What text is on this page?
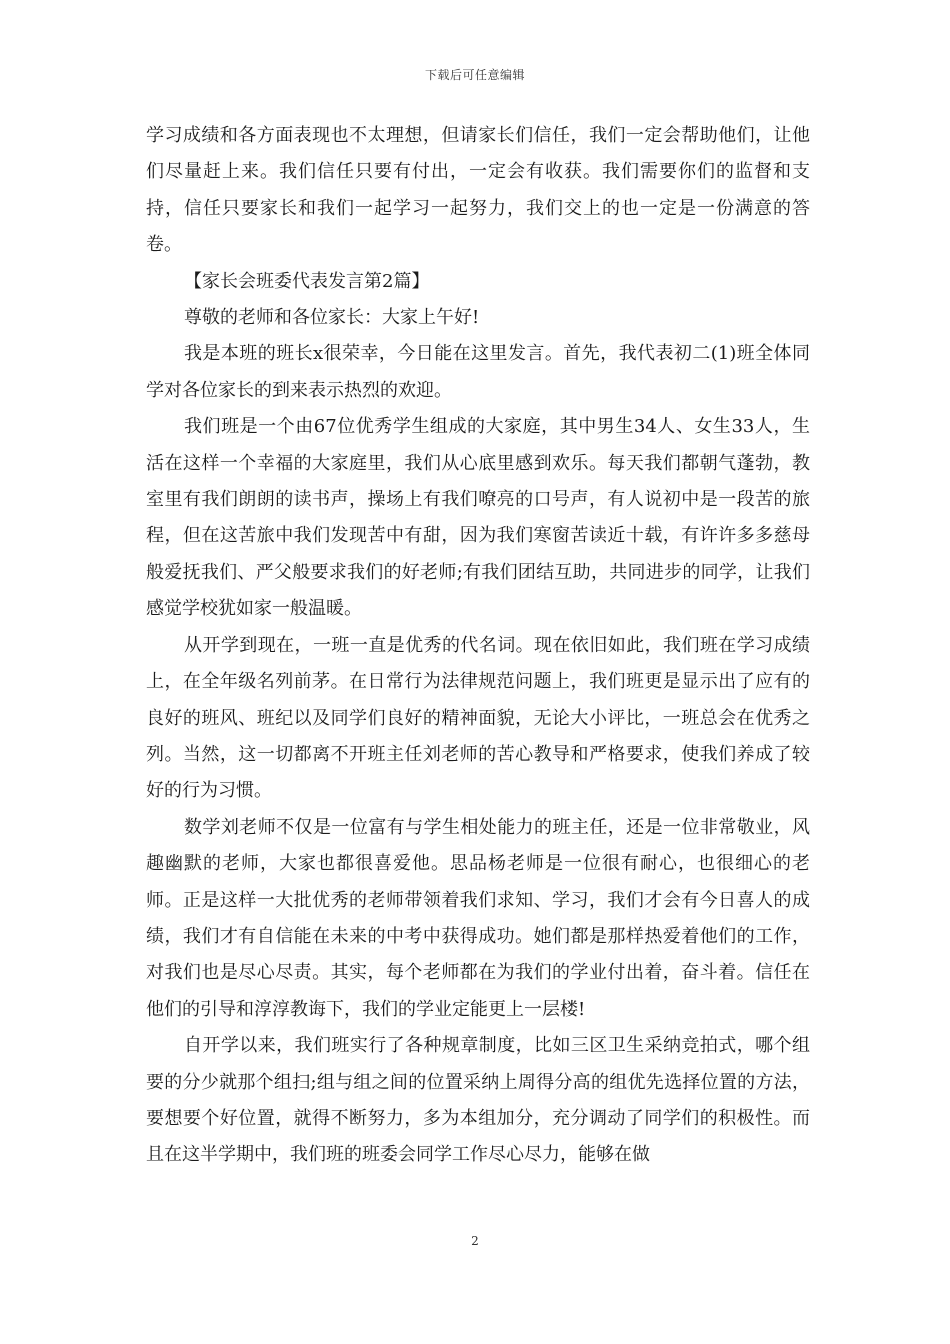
下载后可任意编辑

学习成绩和各方面表现也不太理想，但请家长们信任，我们一定会帮助他们，让他们尽量赶上来。我们信任只要有付出，一定会有收获。我们需要你们的监督和支持，信任只要家长和我们一起学习一起努力，我们交上的也一定是一份满意的答卷。

【家长会班委代表发言第2篇】

尊敬的老师和各位家长：大家上午好!

我是本班的班长x很荣幸，今日能在这里发言。首先，我代表初二(1)班全体同学对各位家长的到来表示热烈的欢迎。

我们班是一个由67位优秀学生组成的大家庭，其中男生34人、女生33人，生活在这样一个幸福的大家庭里，我们从心底里感到欢乐。每天我们都朝气蓬勃，教室里有我们朗朗的读书声，操场上有我们嘹亮的口号声，有人说初中是一段苦的旅程，但在这苦旅中我们发现苦中有甜，因为我们寒窗苦读近十载，有许许多多慈母般爱抚我们、严父般要求我们的好老师;有我们团结互助，共同进步的同学，让我们感觉学校犹如家一般温暖。

从开学到现在，一班一直是优秀的代名词。现在依旧如此，我们班在学习成绩上，在全年级名列前茅。在日常行为法律规范问题上，我们班更是显示出了应有的良好的班风、班纪以及同学们良好的精神面貌，无论大小评比，一班总会在优秀之列。当然，这一切都离不开班主任刘老师的苦心教导和严格要求，使我们养成了较好的行为习惯。

数学刘老师不仅是一位富有与学生相处能力的班主任，还是一位非常敬业，风趣幽默的老师，大家也都很喜爱他。思品杨老师是一位很有耐心，也很细心的老师。正是这样一大批优秀的老师带领着我们求知、学习，我们才会有今日喜人的成绩，我们才有自信能在未来的中考中获得成功。她们都是那样热爱着他们的工作，对我们也是尽心尽责。其实，每个老师都在为我们的学业付出着，奋斗着。信任在他们的引导和淳淳教诲下，我们的学业定能更上一层楼!

自开学以来，我们班实行了各种规章制度，比如三区卫生采纳竞拍式，哪个组要的分少就那个组扫;组与组之间的位置采纳上周得分高的组优先选择位置的方法，要想要个好位置，就得不断努力，多为本组加分，充分调动了同学们的积极性。而且在这半学期中，我们班的班委会同学工作尽心尽力，能够在做

2
